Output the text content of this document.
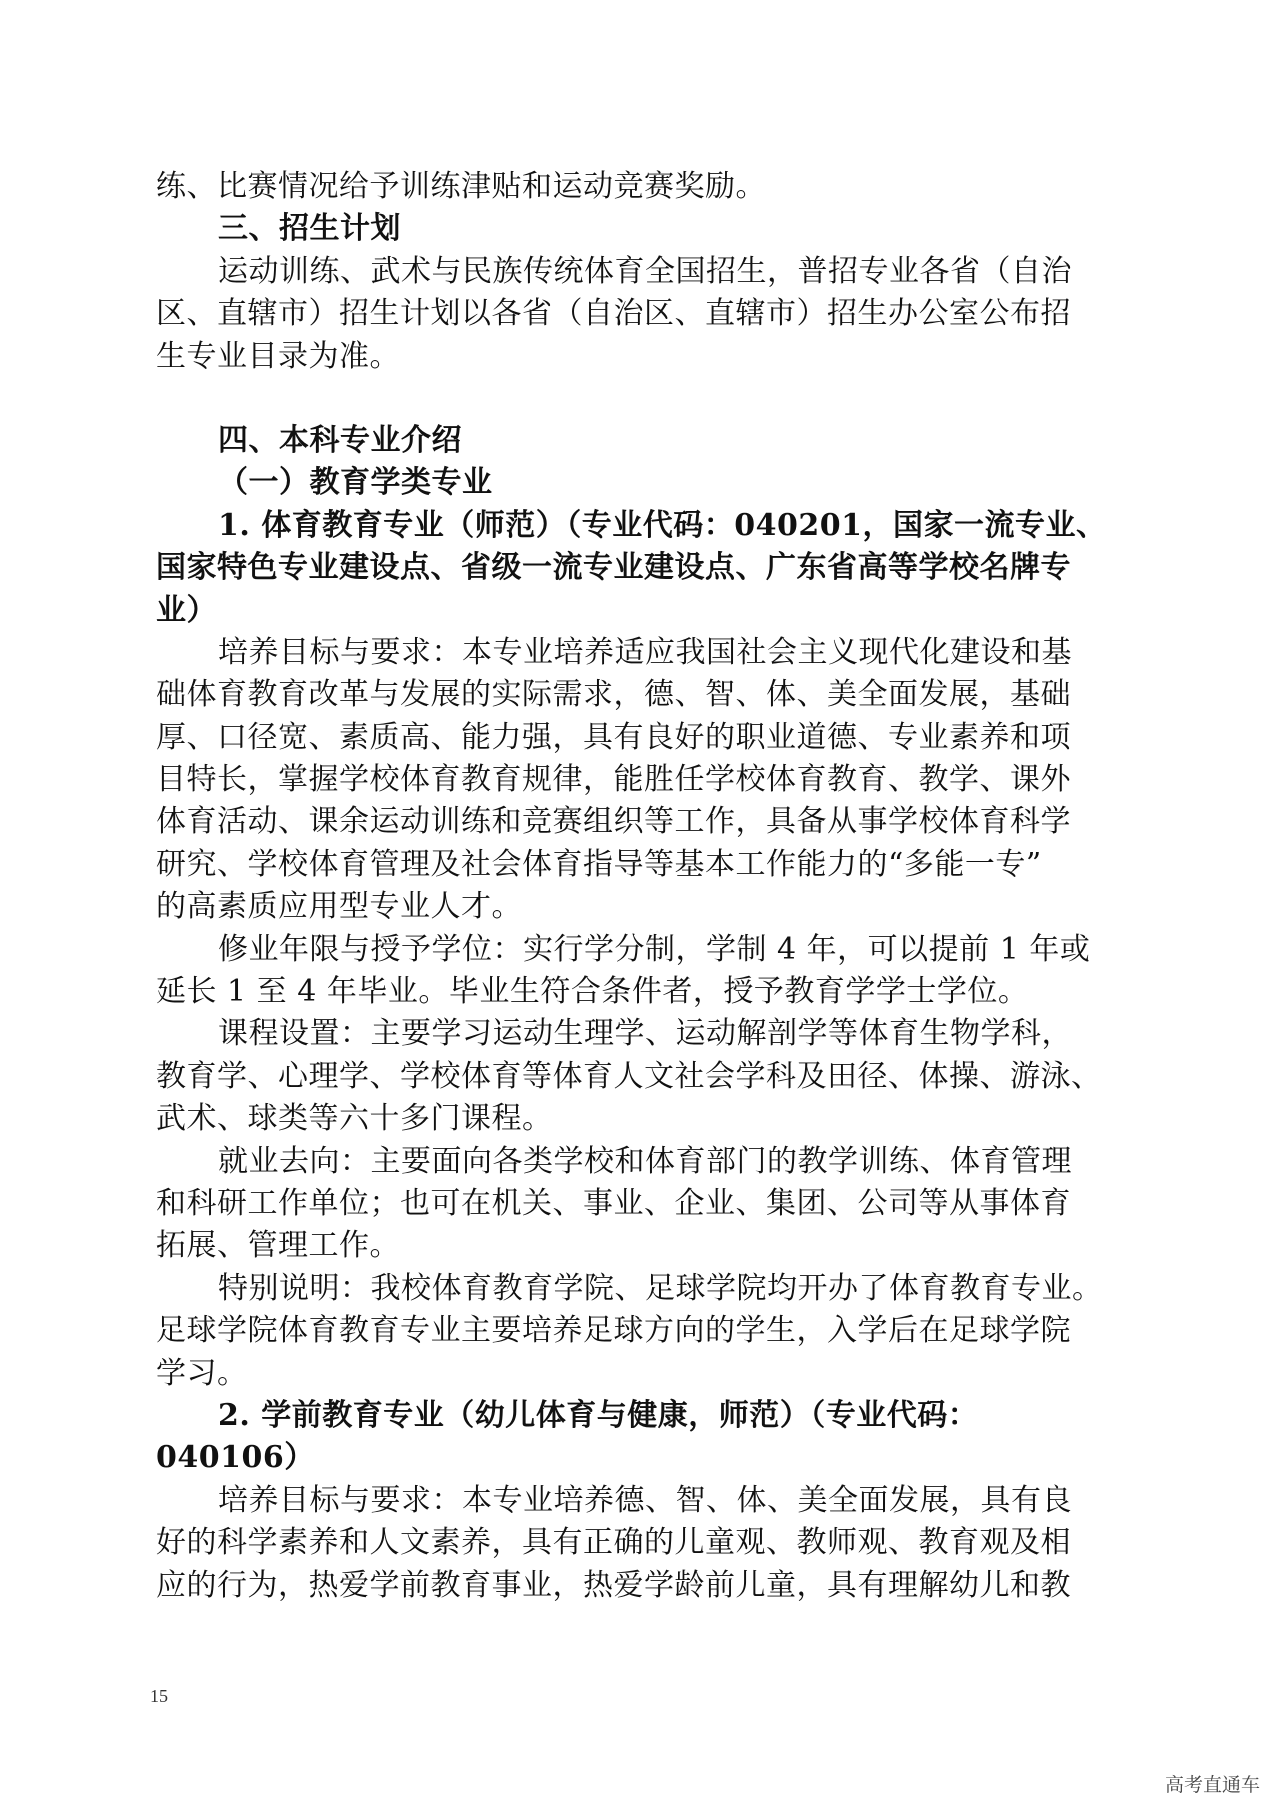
练、比赛情况给予训练津贴和运动竞赛奖励。
三、招生计划
运动训练、武术与民族传统体育全国招生，普招专业各省（自治
区、直辖市）招生计划以各省（自治区、直辖市）招生办公室公布招
生专业目录为准。
四、本科专业介绍
（一）教育学类专业
1. 体育教育专业（师范）（专业代码：040201，国家一流专业、
国家特色专业建设点、省级一流专业建设点、广东省高等学校名牌专
业）
培养目标与要求：本专业培养适应我国社会主义现代化建设和基
础体育教育改革与发展的实际需求，德、智、体、美全面发展，基础
厚、口径宽、素质高、能力强，具有良好的职业道德、专业素养和项
目特长，掌握学校体育教育规律，能胜任学校体育教育、教学、课外
体育活动、课余运动训练和竞赛组织等工作，具备从事学校体育科学
研究、学校体育管理及社会体育指导等基本工作能力的“多能一专”
的高素质应用型专业人才。
修业年限与授予学位：实行学分制，学制 4 年，可以提前 1 年或
延长 1 至 4 年毕业。毕业生符合条件者，授予教育学学士学位。
课程设置：主要学习运动生理学、运动解剖学等体育生物学科，
教育学、心理学、学校体育等体育人文社会学科及田径、体操、游泳、
武术、球类等六十多门课程。
就业去向：主要面向各类学校和体育部门的教学训练、体育管理
和科研工作单位；也可在机关、事业、企业、集团、公司等从事体育
拓展、管理工作。
特别说明：我校体育教育学院、足球学院均开办了体育教育专业。
足球学院体育教育专业主要培养足球方向的学生，入学后在足球学院
学习。
2. 学前教育专业（幼儿体育与健康，师范）（专业代码：
040106）
培养目标与要求：本专业培养德、智、体、美全面发展，具有良
好的科学素养和人文素养，具有正确的儿童观、教师观、教育观及相
应的行为，热爱学前教育事业，热爱学龄前儿童，具有理解幼儿和教
15
高考直通车
